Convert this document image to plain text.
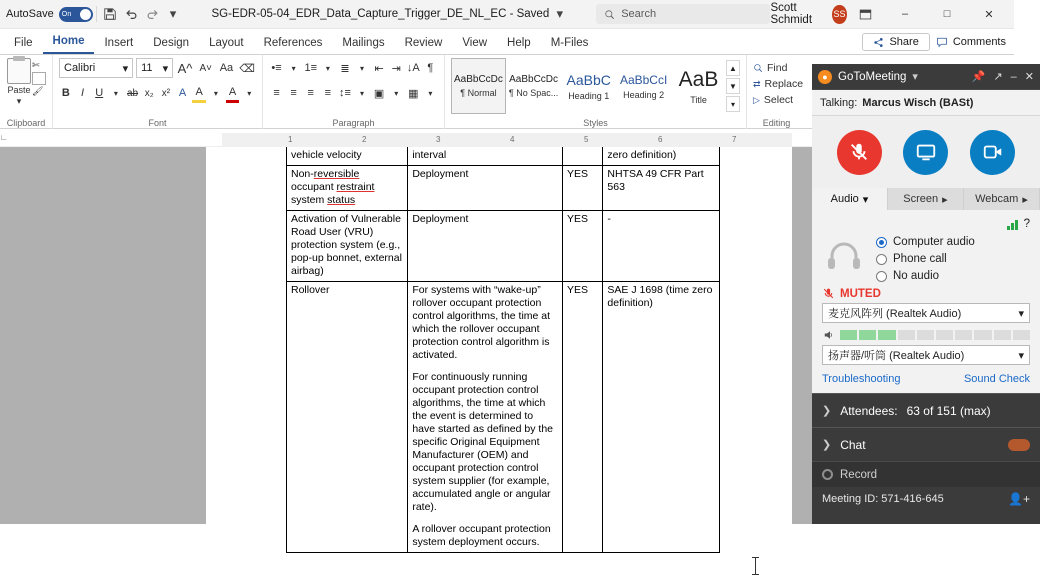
AutoSave On	▾	SG-EDR-05-04_EDR_Data_Capture_Trigger_DE_NL_EC - Saved ▾	Search	Scott Schmidt	SS	–	□	✕
File	Home	Insert	Design	Layout	References	Mailings	Review	View	Help	M-Files	Share	Comments
Paste
▾
✄
🖌
Clipboard
Calibri ▾ 11 ▾ A^ A˅ Aa ⌫
B	I	U	▾ ab x₂ x² A A	▾ A	▾
Font
•≡	▾ 1≡	▾ ≣	▾ ⇤ ⇥ ↓A ¶
≡ ≡ ≡ ≡ ↕≡	▾ ▣	▾ ▦	▾
Paragraph
AaBbCcDc
¶ Normal
AaBbCcDc
¶ No Spac...
AaBbC
Heading 1
AaBbCcI
Heading 2
AaB
Title
▲
▼
▾
Styles
Find
⇄ Replace
▷ Select
Editing
1	2	3	4	5	6	7
∟
vehicle velocity	interval		zero definition)
Non-reversible occupant restraint system status	Deployment	YES	NHTSA 49 CFR Part 563
Activation of Vulnerable Road User (VRU) protection system (e.g., pop-up bonnet, external airbag)	Deployment	YES	-
Rollover	For systems with “wake-up” rollover occupant protection control algorithms, the time at which the rollover occupant protection control algorithm is activated.
For continuously running occupant protection control algorithms, the time at which the event is determined to have started as defined by the specific Original Equipment Manufacturer (OEM) and occupant protection control system supplier (for example, accumulated angle or angular rate).
A rollover occupant protection system deployment occurs.	YES	SAE J 1698 (time zero definition)
● GoToMeeting ▾	📌 ↗ – ✕
Talking: Marcus Wisch (BASt)
Audio ▾	Screen ▸ Webcam ▸
?
Computer audio
Phone call
No audio
MUTED
麦克风阵列 (Realtek Audio)	▾
扬声器/听筒 (Realtek Audio)	▾
Troubleshooting	Sound Check
❯ Attendees: 63 of 151 (max)
❯ Chat
Record
Meeting ID: 571-416-645	👤+
